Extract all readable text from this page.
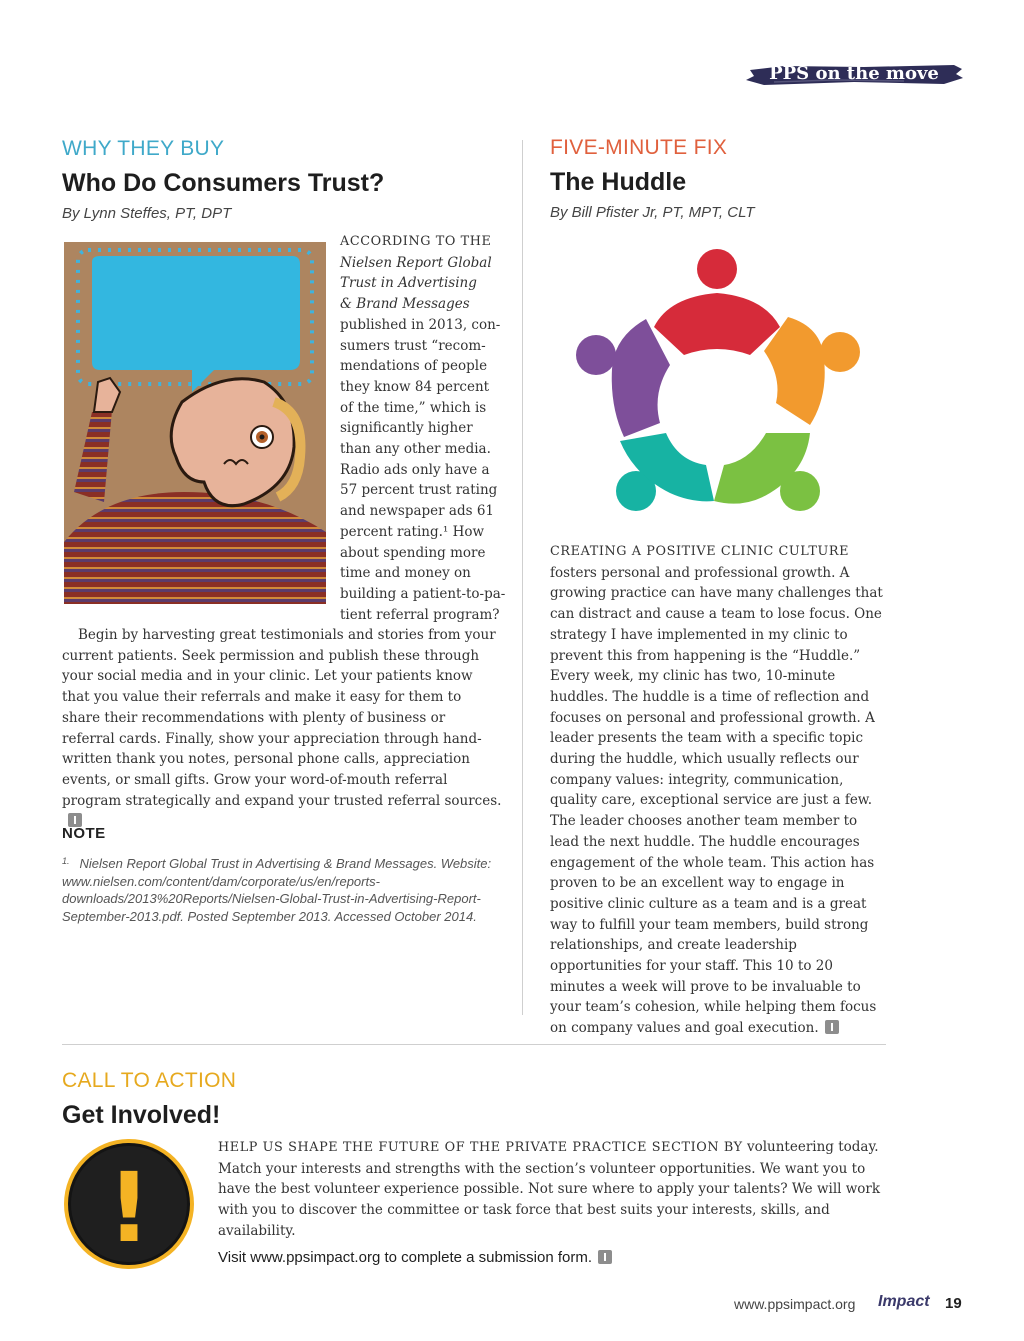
PPS on the move
WHY THEY BUY
Who Do Consumers Trust?
By Lynn Steffes, PT, DPT

ACCORDING TO THE

Nielsen Report Global

Trust in Advertising

& Brand Messages

published in 2013, con-

sumers trust “recom-

mendations of people

they know 84 percent

of the time,” which is

significantly higher

than any other media.

Radio ads only have a

57 percent trust rating

and newspaper ads 61

percent rating.¹ How

about spending more

time and money on

building a patient-to-pa-

tient referral program?

Begin by harvesting great testimonials and stories from your current patients. Seek permission and publish these through your social media and in your clinic. Let your patients know that you value their referrals and make it easy for them to share their recommendations with plenty of business or referral cards. Finally, show your appreciation through hand-written thank you notes, personal phone calls, appreciation events, or small gifts. Grow your word-of-mouth referral program strategically and expand your trusted referral sources.
NOTE
$^{1.}$ Nielsen Report Global Trust in Advertising & Brand Messages. Website: www.nielsen.com/content/dam/corporate/us/en/reports-downloads/2013%20Reports/Nielsen-Global-Trust-in-Advertising-Report-September-2013.pdf. Posted September 2013. Accessed October 2014.
FIVE-MINUTE FIX
The Huddle
By Bill Pfister Jr, PT, MPT, CLT
CREATING A POSITIVE CLINIC CULTURE fosters personal and professional growth. A growing practice can have many challenges that can distract and cause a team to lose focus. One strategy I have implemented in my clinic to prevent this from happening is the “Huddle.” Every week, my clinic has two, 10-minute huddles. The huddle is a time of reflection and focuses on personal and professional growth. A leader presents the team with a specific topic during the huddle, which usually reflects our company values: integrity, communication, quality care, exceptional service are just a few. The leader chooses another team member to lead the next huddle. The huddle encourages engagement of the whole team. This action has proven to be an excellent way to engage in positive clinic culture as a team and is a great way to fulfill your team members, build strong relationships, and create leadership opportunities for your staff. This 10 to 20 minutes a week will prove to be invaluable to your team’s cohesion, while helping them focus on company values and goal execution.
CALL TO ACTION
Get Involved!
!
HELP US SHAPE THE FUTURE OF THE PRIVATE PRACTICE SECTION BY volunteering today. Match your interests and strengths with the section’s volunteer opportunities. We want you to have the best volunteer experience possible. Not sure where to apply your talents? We will work with you to discover the committee or task force that best suits your interests, skills, and availability.
Visit www.ppsimpact.org to complete a submission form.
www.ppsimpact.org Impact 19
